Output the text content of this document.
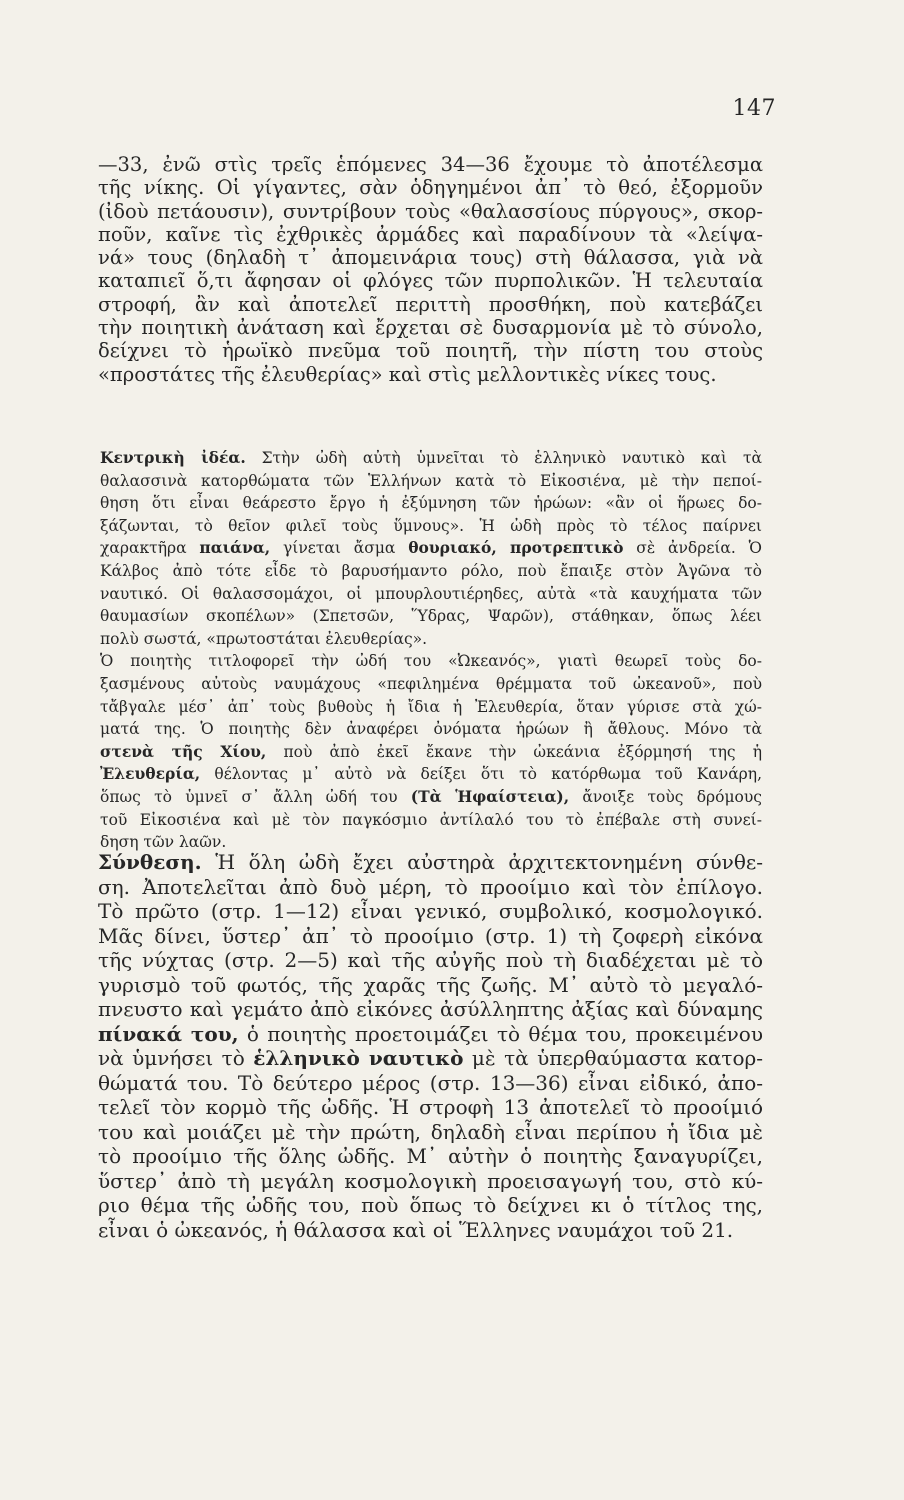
147
—33, ἐνῶ στὶς τρεῖς ἑπόμενες 34—36 ἔχουμε τὸ ἀποτέλεσμα
τῆς νίκης. Οἱ γίγαντες, σὰν ὁδηγημένοι ἀπ᾽ τὸ θεό, ἐξορμοῦν
(ἰδοὺ πετάουσιν), συντρίβουν τοὺς «θαλασσίους πύργους», σκορ-
ποῦν, καῖνε τὶς ἐχθρικὲς ἀρμάδες καὶ παραδίνουν τὰ «λείψα-
νά» τους (δηλαδὴ τ᾽ ἀπομεινάρια τους) στὴ θάλασσα, γιὰ νὰ
καταπιεῖ ὅ,τι ἄφησαν οἱ φλόγες τῶν πυρπολικῶν. Ἡ τελευταία
στροφή, ἂν καὶ ἀποτελεῖ περιττὴ προσθήκη, ποὺ κατεβάζει
τὴν ποιητικὴ ἀνάταση καὶ ἔρχεται σὲ δυσαρμονία μὲ τὸ σύνολο,
δείχνει τὸ ἡρωϊκὸ πνεῦμα τοῦ ποιητῆ, τὴν πίστη του στοὺς
«προστάτες τῆς ἐλευθερίας» καὶ στὶς μελλοντικὲς νίκες τους.
Κεντρικὴ ἰδέα. Στὴν ὠδὴ αὐτὴ ὑμνεῖται τὸ ἑλληνικὸ ναυτικὸ καὶ τὰ
θαλασσινὰ κατορθώματα τῶν Ἑλλήνων κατὰ τὸ Εἰκοσιένα, μὲ τὴν πεποί-
θηση ὅτι εἶναι θεάρεστο ἔργο ἡ ἐξύμνηση τῶν ἡρώων: «ἂν οἱ ἥρωες δο-
ξάζωνται, τὸ θεῖον φιλεῖ τοὺς ὕμνους». Ἡ ὠδὴ πρὸς τὸ τέλος παίρνει
χαρακτῆρα παιάνα, γίνεται ἄσμα θουριακό, προτρεπτικὸ σὲ ἀνδρεία. Ὁ
Κάλβος ἀπὸ τότε εἶδε τὸ βαρυσήμαντο ρόλο, ποὺ ἔπαιξε στὸν Ἀγῶνα τὸ
ναυτικό. Οἱ θαλασσομάχοι, οἱ μπουρλουτιέρηδες, αὐτὰ «τὰ καυχήματα τῶν
θαυμασίων σκοπέλων» (Σπετσῶν, Ὕδρας, Ψαρῶν), στάθηκαν, ὅπως λέει
πολὺ σωστά, «πρωτοστάται ἐλευθερίας».
Ὁ ποιητὴς τιτλοφορεῖ τὴν ὠδή του «Ὠκεανός», γιατὶ θεωρεῖ τοὺς δο-
ξασμένους αὐτοὺς ναυμάχους «πεφιλημένα θρέμματα τοῦ ὠκεανοῦ», ποὺ
τἄβγαλε μέσ᾽ ἀπ᾽ τοὺς βυθοὺς ἡ ἴδια ἡ Ἐλευθερία, ὅταν γύρισε στὰ χώ-
ματά της. Ὁ ποιητὴς δὲν ἀναφέρει ὀνόματα ἡρώων ἢ ἄθλους. Μόνο τὰ
στενὰ τῆς Χίου, ποὺ ἀπὸ ἐκεῖ ἔκανε τὴν ὠκεάνια ἐξόρμησή της ἡ
Ἐλευθερία, θέλοντας μ᾽ αὐτὸ νὰ δείξει ὅτι τὸ κατόρθωμα τοῦ Κανάρη,
ὅπως τὸ ὑμνεῖ σ᾽ ἄλλη ὠδή του (Τὰ Ἡφαίστεια), ἄνοιξε τοὺς δρόμους
τοῦ Εἰκοσιένα καὶ μὲ τὸν παγκόσμιο ἀντίλαλό του τὸ ἐπέβαλε στὴ συνεί-
δηση τῶν λαῶν.
Σύνθεση. Ἡ ὅλη ὠδὴ ἔχει αὐστηρὰ ἀρχιτεκτονημένη σύνθε-
ση. Ἀποτελεῖται ἀπὸ δυὸ μέρη, τὸ προοίμιο καὶ τὸν ἐπίλογο.
Τὸ πρῶτο (στρ. 1—12) εἶναι γενικό, συμβολικό, κοσμολογικό.
Μᾶς δίνει, ὕστερ᾽ ἀπ᾽ τὸ προοίμιο (στρ. 1) τὴ ζοφερὴ εἰκόνα
τῆς νύχτας (στρ. 2—5) καὶ τῆς αὐγῆς ποὺ τὴ διαδέχεται μὲ τὸ
γυρισμὸ τοῦ φωτός, τῆς χαρᾶς τῆς ζωῆς. Μ᾽ αὐτὸ τὸ μεγαλό-
πνευστο καὶ γεμάτο ἀπὸ εἰκόνες ἀσύλληπτης ἀξίας καὶ δύναμης
πίνακά του, ὁ ποιητὴς προετοιμάζει τὸ θέμα του, προκειμένου
νὰ ὑμνήσει τὸ ἑλληνικὸ ναυτικὸ μὲ τὰ ὑπερθαύμαστα κατορ-
θώματά του. Τὸ δεύτερο μέρος (στρ. 13—36) εἶναι εἰδικό, ἀπο-
τελεῖ τὸν κορμὸ τῆς ὠδῆς. Ἡ στροφὴ 13 ἀποτελεῖ τὸ προοίμιό
του καὶ μοιάζει μὲ τὴν πρώτη, δηλαδὴ εἶναι περίπου ἡ ἴδια μὲ
τὸ προοίμιο τῆς ὅλης ὠδῆς. Μ᾽ αὐτὴν ὁ ποιητὴς ξαναγυρίζει,
ὕστερ᾽ ἀπὸ τὴ μεγάλη κοσμολογικὴ προεισαγωγή του, στὸ κύ-
ριο θέμα τῆς ὠδῆς του, ποὺ ὅπως τὸ δείχνει κι ὁ τίτλος της,
εἶναι ὁ ὠκεανός, ἡ θάλασσα καὶ οἱ Ἕλληνες ναυμάχοι τοῦ 21.
